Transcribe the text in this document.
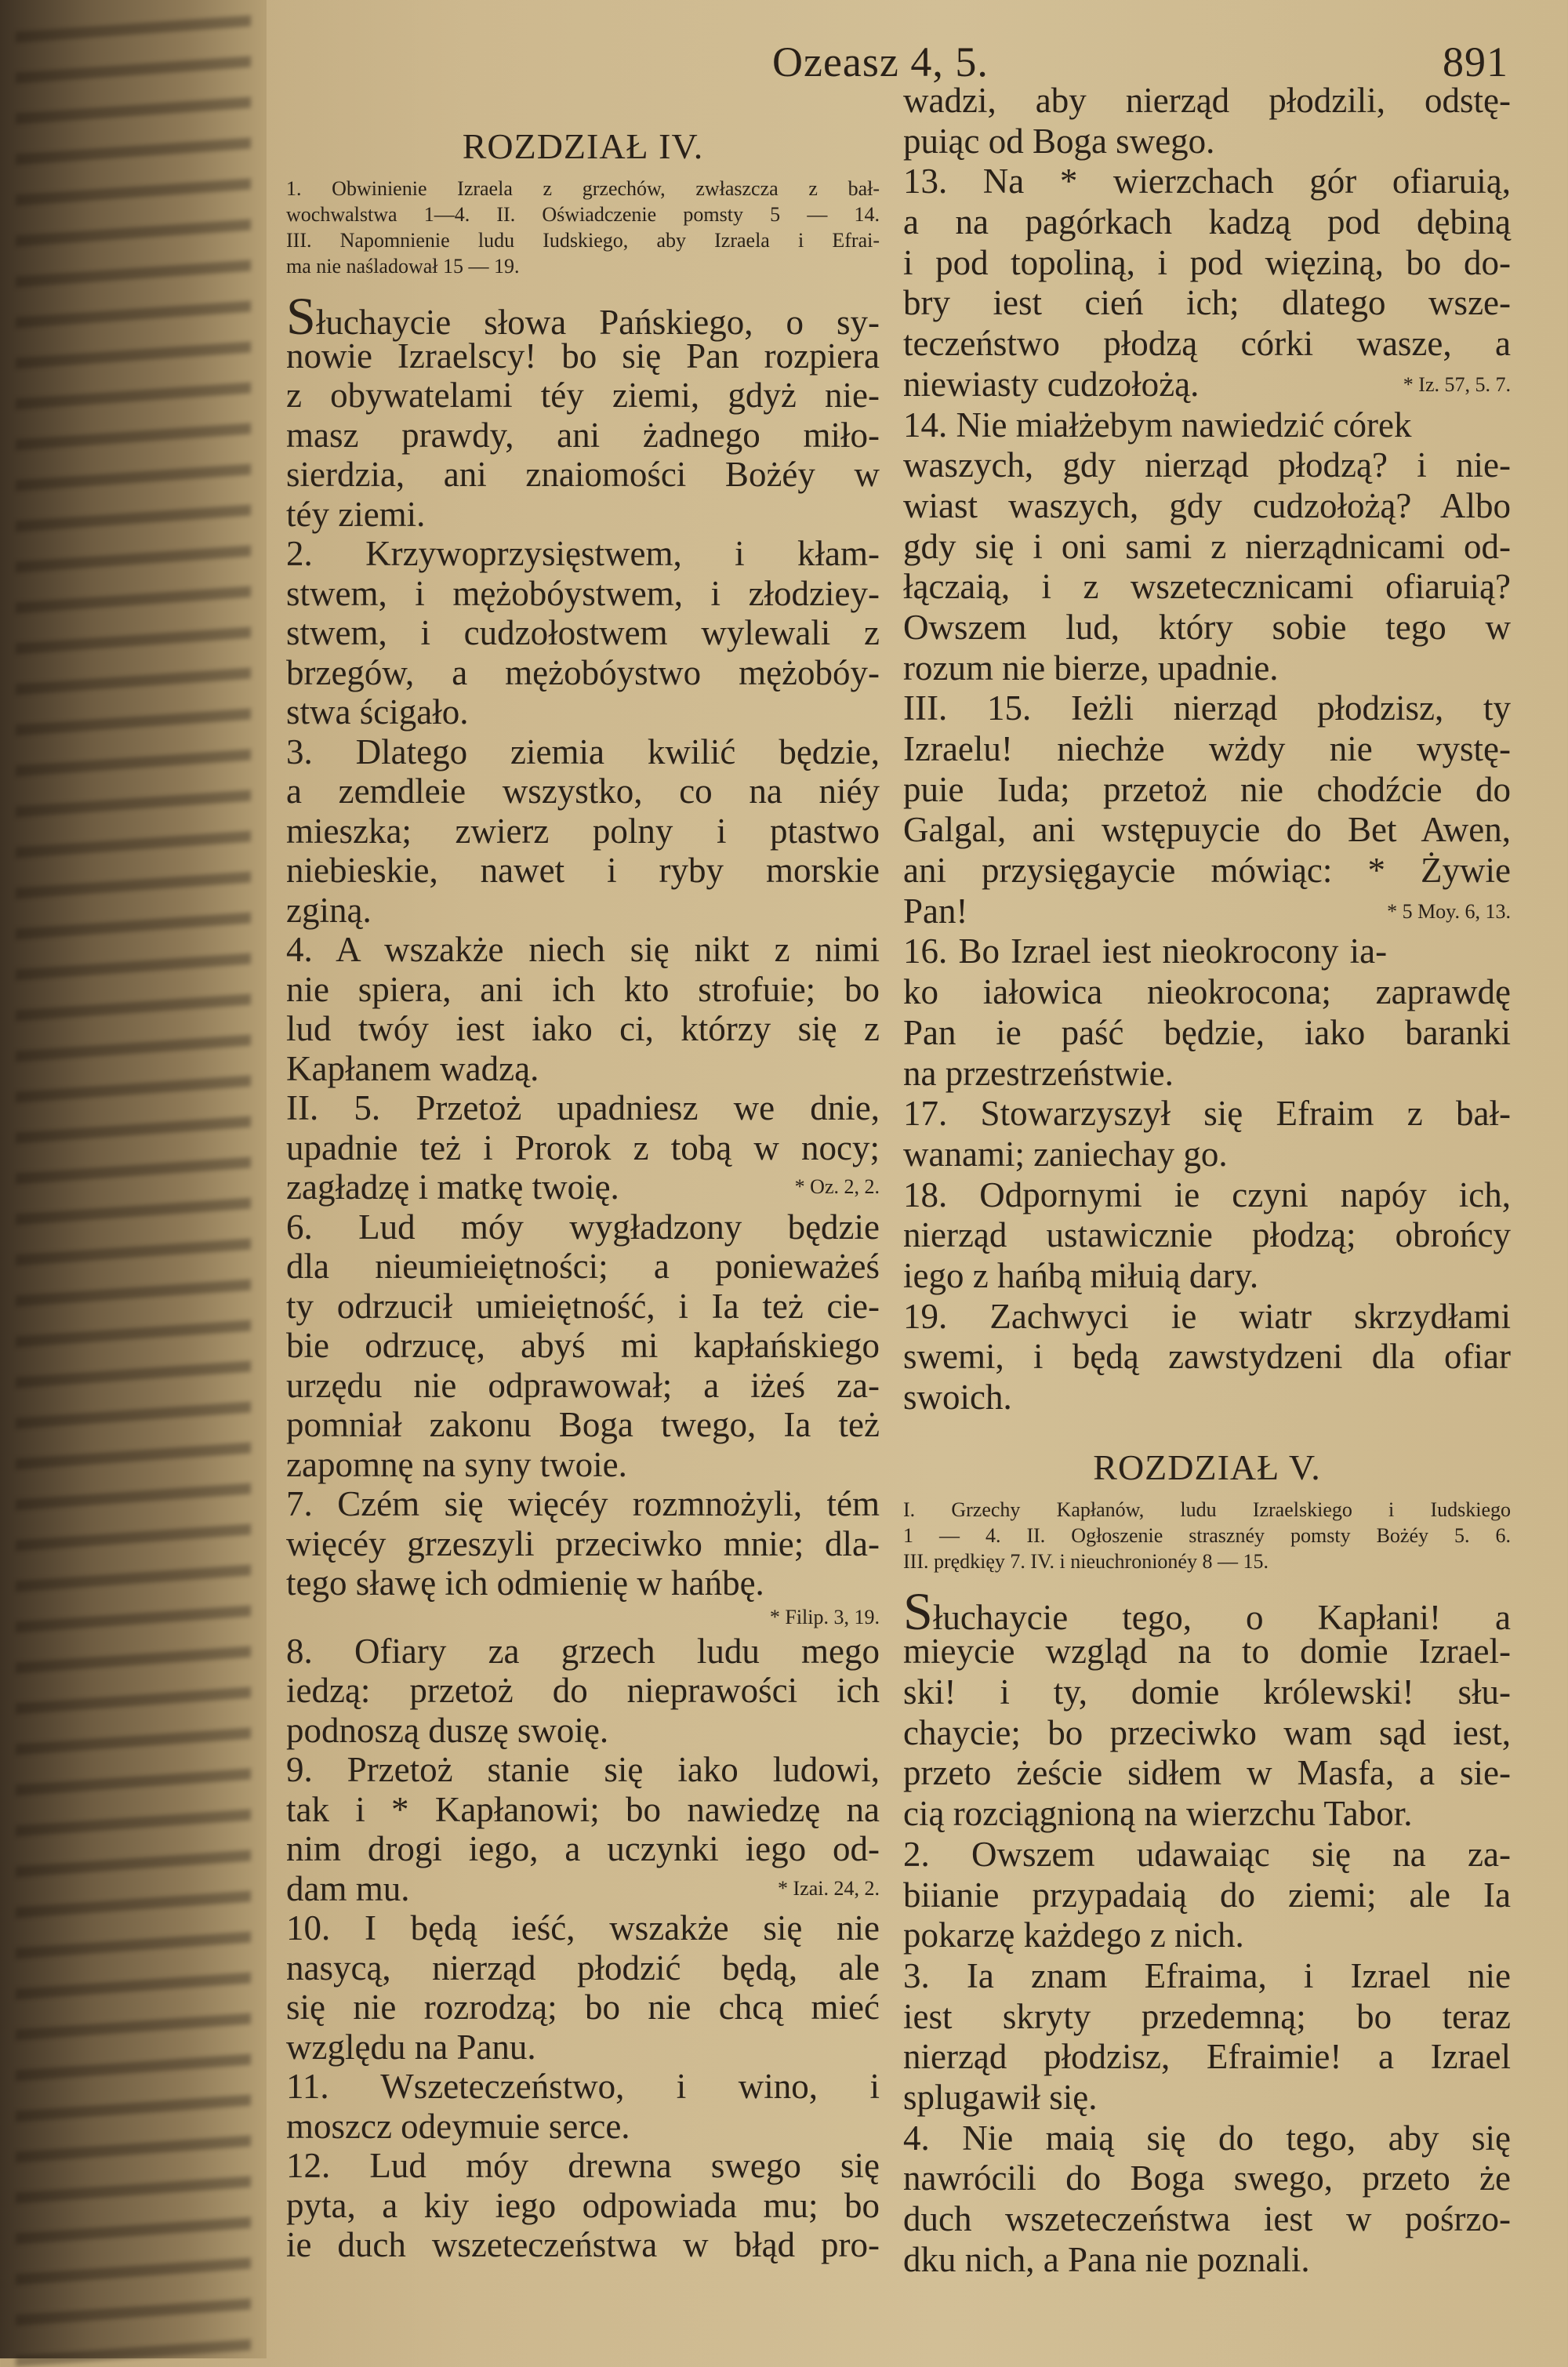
Ozeasz 4, 5.	891
ROZDZIAŁ IV.
1. Obwinienie Izraela z grzechów, zwłaszcza z bał-
wochwalstwa 1—4. II. Oświadczenie pomsty 5 — 14.
III. Napomnienie ludu Iudskiego, aby Izraela i Efrai-
ma nie naśladował 15 — 19.
Słuchaycie słowa Pańskiego, o sy-
nowie Izraelscy! bo się Pan rozpiera
z obywatelami téy ziemi, gdyż nie-
masz prawdy, ani żadnego miło-
sierdzia, ani znaiomości Bożéy w
téy ziemi.
2. Krzywoprzysięstwem, i kłam-
stwem, i mężobóystwem, i złodziey-
stwem, i cudzołostwem wylewali z
brzegów, a mężobóystwo mężobóy-
stwa ścigało.
3. Dlatego ziemia kwilić będzie,
a zemdleie wszystko, co na niéy
mieszka; zwierz polny i ptastwo
niebieskie, nawet i ryby morskie
zginą.
4. A wszakże niech się nikt z nimi
nie spiera, ani ich kto strofuie; bo
lud twóy iest iako ci, którzy się z
Kapłanem wadzą.
II. 5. Przetoż upadniesz we dnie,
upadnie też i Prorok z tobą w nocy;
* Oz. 2, 2.
zagładzę i matkę twoię.
6. Lud móy wygładzony będzie
dla nieumieiętności; a ponieważeś
ty odrzucił umieiętność, i Ia też cie-
bie odrzucę, abyś mi kapłańskiego
urzędu nie odprawował; a iżeś za-
pomniał zakonu Boga twego, Ia też
zapomnę na syny twoie.
7. Czém się więcéy rozmnożyli, tém
więcéy grzeszyli przeciwko mnie; dla-
tego sławę ich odmienię w hańbę.
* Filip. 3, 19.
8. Ofiary za grzech ludu mego
iedzą: przetoż do nieprawości ich
podnoszą duszę swoię.
9. Przetoż stanie się iako ludowi,
tak i * Kapłanowi; bo nawiedzę na
nim drogi iego, a uczynki iego od-
* Izai. 24, 2.
dam mu.
10. I będą ieść, wszakże się nie
nasycą, nierząd płodzić będą, ale
się nie rozrodzą; bo nie chcą mieć
względu na Panu.
11. Wszeteczeństwo, i wino, i
moszcz odeymuie serce.
12. Lud móy drewna swego się
pyta, a kiy iego odpowiada mu; bo
ie duch wszeteczeństwa w błąd pro-
wadzi, aby nierząd płodzili, odstę-
puiąc od Boga swego.
13. Na * wierzchach gór ofiaruią,
a na pagórkach kadzą pod dębiną
i pod topoliną, i pod więziną, bo do-
bry iest cień ich; dlatego wsze-
teczeństwo płodzą córki wasze, a
* Iz. 57, 5. 7.
niewiasty cudzołożą.
14. Nie miałżebym nawiedzić córek
waszych, gdy nierząd płodzą? i nie-
wiast waszych, gdy cudzołożą? Albo
gdy się i oni sami z nierządnicami od-
łączaią, i z wszetecznicami ofiaruią?
Owszem lud, który sobie tego w
rozum nie bierze, upadnie.
III. 15. Ieżli nierząd płodzisz, ty
Izraelu! niechże wżdy nie wystę-
puie Iuda; przetoż nie chodźcie do
Galgal, ani wstępuycie do Bet Awen,
ani przysięgaycie mówiąc: * Żywie
* 5 Moy. 6, 13.
Pan!
16. Bo Izrael iest nieokrocony ia-
ko iałowica nieokrocona; zaprawdę
Pan ie paść będzie, iako baranki
na przestrzeństwie.
17. Stowarzyszył się Efraim z bał-
wanami; zaniechay go.
18. Odpornymi ie czyni napóy ich,
nierząd ustawicznie płodzą; obrońcy
iego z hańbą miłuią dary.
19. Zachwyci ie wiatr skrzydłami
swemi, i będą zawstydzeni dla ofiar
swoich.
ROZDZIAŁ V.
I. Grzechy Kapłanów, ludu Izraelskiego i Iudskiego
1 — 4. II. Ogłoszenie strasznéy pomsty Bożéy 5. 6.
III. prędkięy 7. IV. i nieuchronionéy 8 — 15.
Słuchaycie tego, o Kapłani! a
mieycie wzgląd na to domie Izrael-
ski! i ty, domie królewski! słu-
chaycie; bo przeciwko wam sąd iest,
przeto żeście sidłem w Masfa, a sie-
cią rozciągnioną na wierzchu Tabor.
2. Owszem udawaiąc się na za-
biianie przypadaią do ziemi; ale Ia
pokarzę każdego z nich.
3. Ia znam Efraima, i Izrael nie
iest skryty przedemną; bo teraz
nierząd płodzisz, Efraimie! a Izrael
splugawił się.
4. Nie maią się do tego, aby się
nawrócili do Boga swego, przeto że
duch wszeteczeństwa iest w pośrzo-
dku nich, a Pana nie poznali.
